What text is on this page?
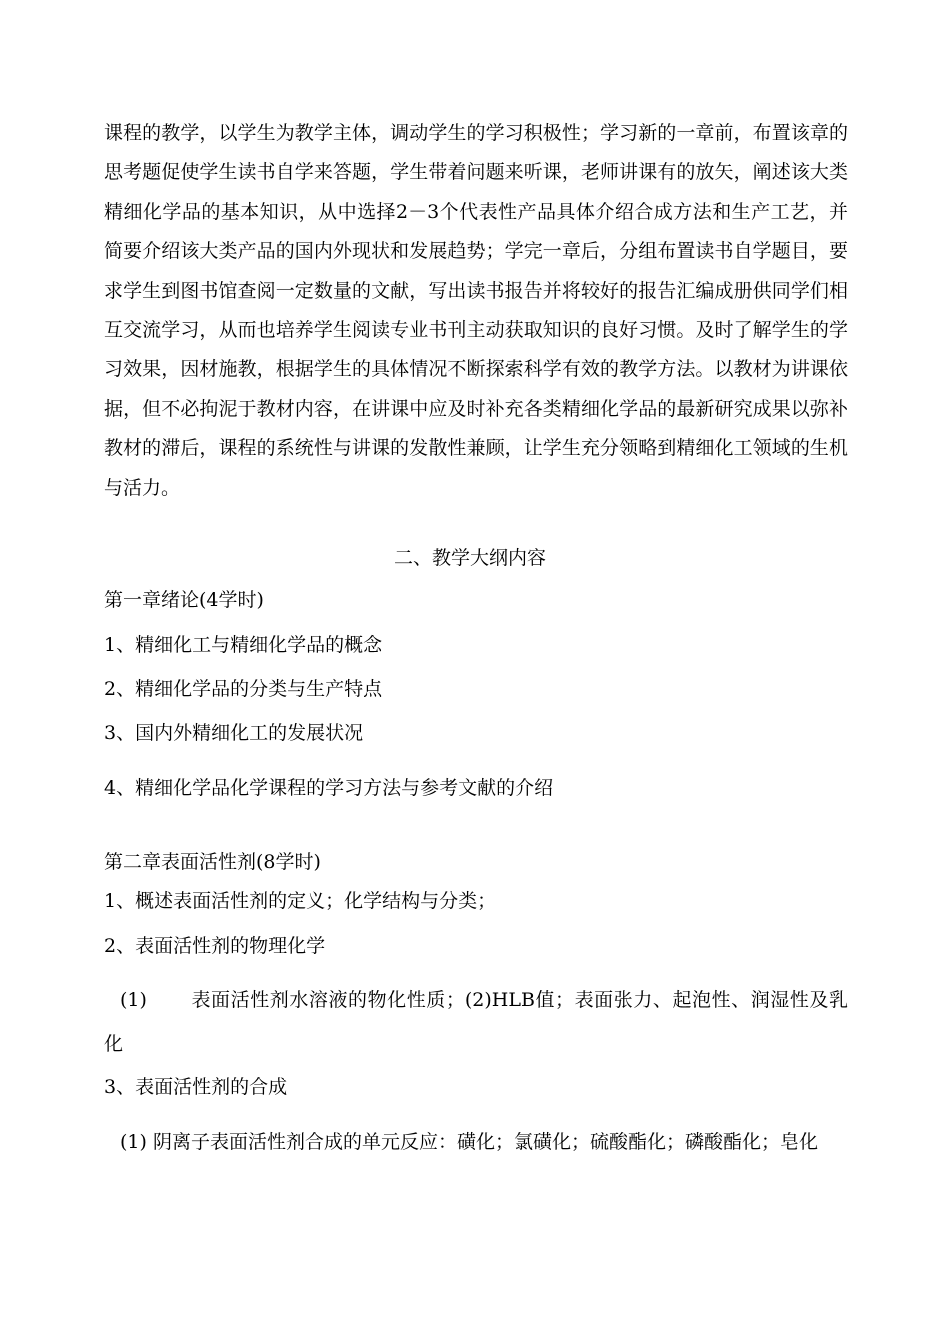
课程的教学，以学生为教学主体，调动学生的学习积极性；学习新的一章前，布置该章的思考题促使学生读书自学来答题，学生带着问题来听课，老师讲课有的放矢，阐述该大类精细化学品的基本知识，从中选择2－3个代表性产品具体介绍合成方法和生产工艺，并简要介绍该大类产品的国内外现状和发展趋势；学完一章后，分组布置读书自学题目，要求学生到图书馆查阅一定数量的文献，写出读书报告并将较好的报告汇编成册供同学们相互交流学习，从而也培养学生阅读专业书刊主动获取知识的良好习惯。及时了解学生的学习效果，因材施教，根据学生的具体情况不断探索科学有效的教学方法。以教材为讲课依据，但不必拘泥于教材内容，在讲课中应及时补充各类精细化学品的最新研究成果以弥补教材的滞后，课程的系统性与讲课的发散性兼顾，让学生充分领略到精细化工领域的生机与活力。

二、教学大纲内容

第一章绪论(4学时)

1、精细化工与精细化学品的概念

2、精细化学品的分类与生产特点

3、国内外精细化工的发展状况

4、精细化学品化学课程的学习方法与参考文献的介绍

第二章表面活性剂(8学时)

1、概述表面活性剂的定义；化学结构与分类；

2、表面活性剂的物理化学

(1) 表面活性剂水溶液的物化性质；(2)HLB值；表面张力、起泡性、润湿性及乳化

3、表面活性剂的合成

(1) 阴离子表面活性剂合成的单元反应：磺化；氯磺化；硫酸酯化；磷酸酯化；皂化
